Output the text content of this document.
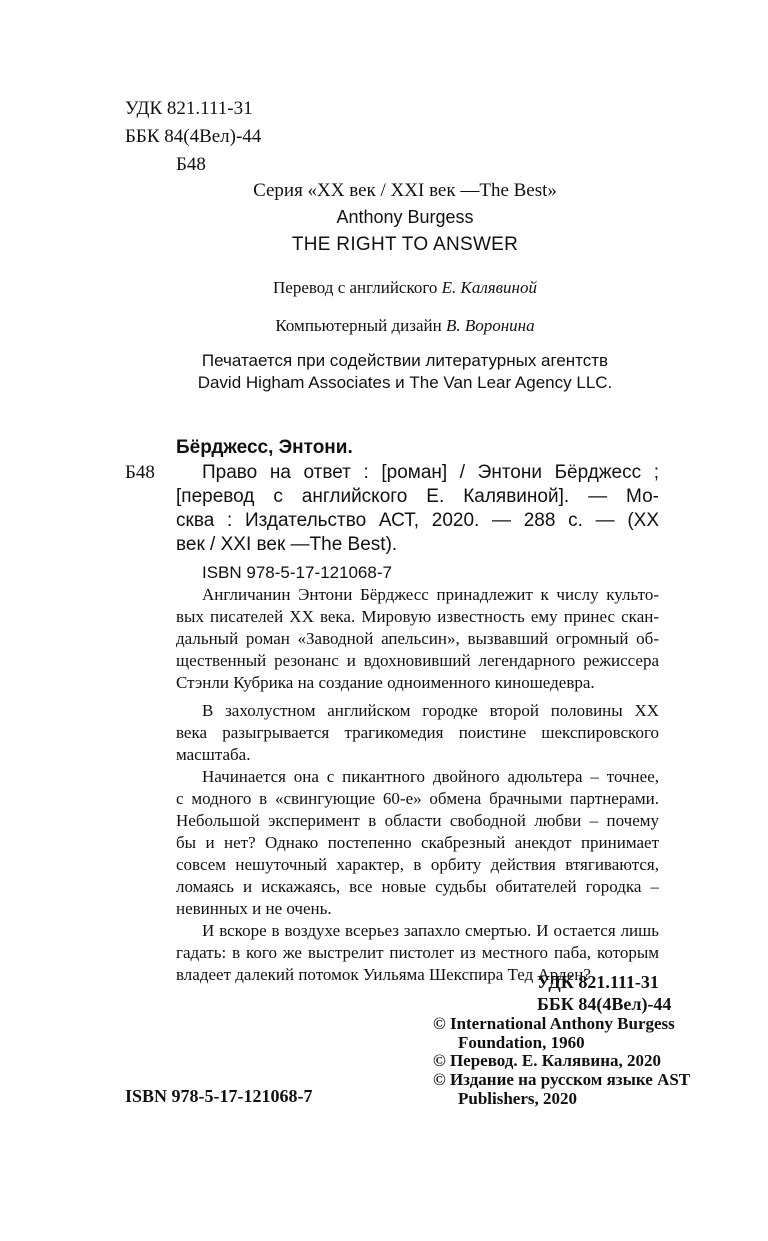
УДК 821.111-31
ББК 84(4Вел)-44
Б48
Серия «XX век / XXI век —The Best»
Anthony Burgess
THE RIGHT TO ANSWER
Перевод с английского Е. Калявиной
Компьютерный дизайн В. Воронина
Печатается при содействии литературных агентств
David Higham Associates и The Van Lear Agency LLC.
Бёрджесс, Энтони.
Б48 Право на ответ : [роман] / Энтони Бёрджесс ;
[перевод с английского Е. Калявиной]. — Мо-
сква : Издательство АСТ, 2020. — 288 с. — (XX
век / XXI век —The Best).
ISBN 978-5-17-121068-7
Англичанин Энтони Бёрджесс принадлежит к числу культо-
вых писателей XX века. Мировую известность ему принес скан-
дальный роман «Заводной апельсин», вызвавший огромный об-
щественный резонанс и вдохновивший легендарного режиссера
Стэнли Кубрика на создание одноименного киношедевра.
В захолустном английском городке второй половины XX
века разыгрывается трагикомедия поистине шекспировского
масштаба.
Начинается она с пикантного двойного адюльтера – точнее,
с модного в «свингующие 60-е» обмена брачными партнерами.
Небольшой эксперимент в области свободной любви – почему
бы и нет? Однако постепенно скабрезный анекдот принимает
совсем нешуточный характер, в орбиту действия втягиваются,
ломаясь и искажаясь, все новые судьбы обитателей городка –
невинных и не очень.
И вскоре в воздухе всерьез запахло смертью. И остается лишь
гадать: в кого же выстрелит пистолет из местного паба, которым
владеет далекий потомок Уильяма Шекспира Тед Арден?
УДК 821.111-31
ББК 84(4Вел)-44
© International Anthony Burgess
Foundation, 1960
© Перевод. Е. Калявина, 2020
© Издание на русском языке AST
Publishers, 2020
ISBN 978-5-17-121068-7
